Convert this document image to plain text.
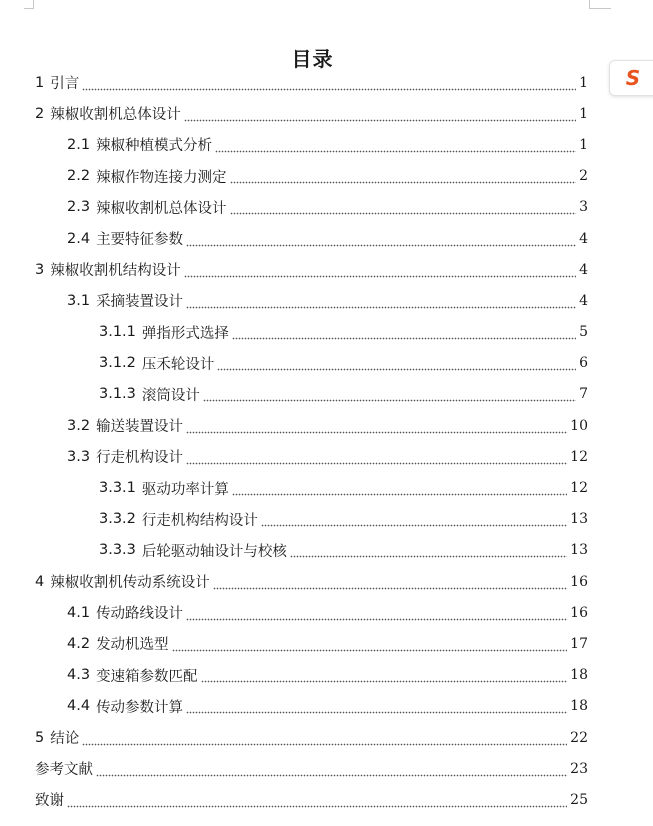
目录
1 引言	1
2 辣椒收割机总体设计	1
2.1 辣椒种植模式分析	1
2.2 辣椒作物连接力测定	2
2.3 辣椒收割机总体设计	3
2.4 主要特征参数	4
3 辣椒收割机结构设计	4
3.1 采摘装置设计	4
3.1.1 弹指形式选择	5
3.1.2 压禾轮设计	6
3.1.3 滚筒设计	7
3.2 输送装置设计	10
3.3 行走机构设计	12
3.3.1 驱动功率计算	12
3.3.2 行走机构结构设计	13
3.3.3 后轮驱动轴设计与校核	13
4 辣椒收割机传动系统设计	16
4.1 传动路线设计	16
4.2 发动机选型	17
4.3 变速箱参数匹配	18
4.4 传动参数计算	18
5 结论	22
参考文献	23
致谢	25
S
